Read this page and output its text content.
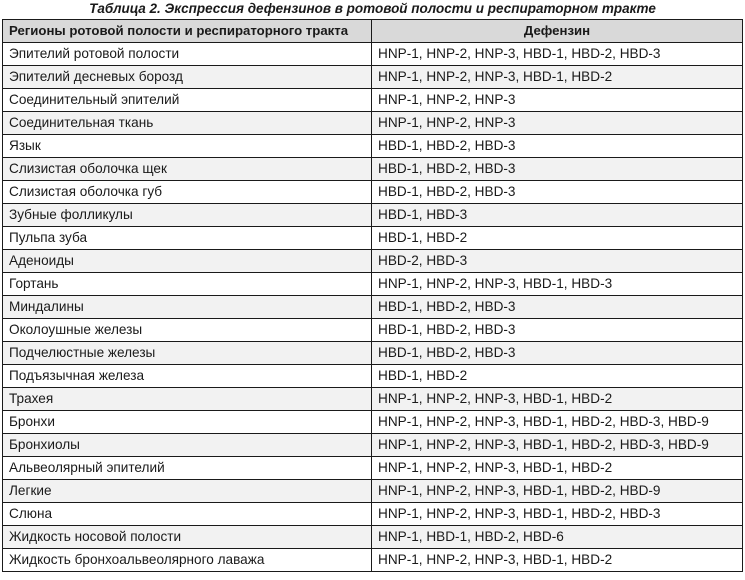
Таблица 2. Экспрессия дефензинов в ротовой полости и респираторном тракте
Регионы ротовой полости и респираторного тракта	Дефензин
Эпителий ротовой полости	HNP-1, HNP-2, HNP-3, HBD-1, HBD-2, HBD-3
Эпителий десневых борозд	HNP-1, HNP-2, HNP-3, HBD-1, HBD-2
Соединительный эпителий	HNP-1, HNP-2, HNP-3
Соединительная ткань	HNP-1, HNP-2, HNP-3
Язык	HBD-1, HBD-2, HBD-3
Слизистая оболочка щек	HBD-1, HBD-2, HBD-3
Слизистая оболочка губ	HBD-1, HBD-2, HBD-3
Зубные фолликулы	HBD-1, HBD-3
Пульпа зуба	HBD-1, HBD-2
Аденоиды	HBD-2, HBD-3
Гортань	HNP-1, HNP-2, HNP-3, HBD-1, HBD-3
Миндалины	HBD-1, HBD-2, HBD-3
Околоушные железы	HBD-1, HBD-2, HBD-3
Подчелюстные железы	HBD-1, HBD-2, HBD-3
Подъязычная железа	HBD-1, HBD-2
Трахея	HNP-1, HNP-2, HNP-3, HBD-1, HBD-2
Бронхи	HNP-1, HNP-2, HNP-3, HBD-1, HBD-2, HBD-3, HBD-9
Бронхиолы	HNP-1, HNP-2, HNP-3, HBD-1, HBD-2, HBD-3, HBD-9
Альвеолярный эпителий	HNP-1, HNP-2, HNP-3, HBD-1, HBD-2
Легкие	HNP-1, HNP-2, HNP-3, HBD-1, HBD-2, HBD-9
Слюна	HNP-1, HNP-2, HNP-3, HBD-1, HBD-2, HBD-3
Жидкость носовой полости	HNP-1, HBD-1, HBD-2, HBD-6
Жидкость бронхоальвеолярного лаважа	HNP-1, HNP-2, HNP-3, HBD-1, HBD-2
